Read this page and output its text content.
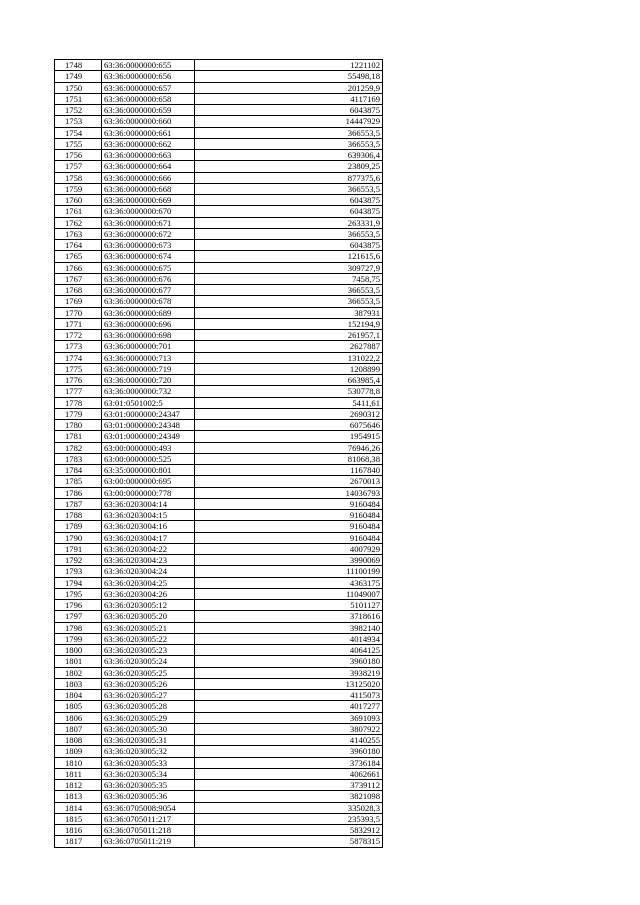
1748	63:36:0000000:655	1221102
1749	63:36:0000000:656	55498,18
1750	63:36:0000000:657	201259,9
1751	63:36:0000000:658	4117169
1752	63:36:0000000:659	6043875
1753	63:36:0000000:660	14447929
1754	63:36:0000000:661	366553,5
1755	63:36:0000000:662	366553,5
1756	63:36:0000000:663	639306,4
1757	63:36:0000000:664	23809,25
1758	63:36:0000000:666	877375,6
1759	63:36:0000000:668	366553,5
1760	63:36:0000000:669	6043875
1761	63:36:0000000:670	6043875
1762	63:36:0000000:671	263331,9
1763	63:36:0000000:672	366553,5
1764	63:36:0000000:673	6043875
1765	63:36:0000000:674	121615,6
1766	63:36:0000000:675	309727,9
1767	63:36:0000000:676	7458,75
1768	63:36:0000000:677	366553,5
1769	63:36:0000000:678	366553,5
1770	63:36:0000000:689	387931
1771	63:36:0000000:696	152194,9
1772	63:36:0000000:698	261957,1
1773	63:36:0000000:701	2627887
1774	63:36:0000000:713	131022,2
1775	63:36:0000000:719	1208899
1776	63:36:0000000:720	663985,4
1777	63:36:0000000:732	530778,8
1778	63:01:0501002:5	5411,61
1779	63:01:0000000:24347	2690312
1780	63:01:0000000:24348	6075646
1781	63:01:0000000:24349	1954915
1782	63:00:0000000:493	76946,26
1783	63:00:0000000:525	81068,38
1784	63:35:0000000:801	1167840
1785	63:00:0000000:695	2670013
1786	63:00:0000000:778	14036793
1787	63:36:0203004:14	9160484
1788	63:36:0203004:15	9160484
1789	63:36:0203004:16	9160484
1790	63:36:0203004:17	9160484
1791	63:36:0203004:22	4007929
1792	63:36:0203004:23	3990069
1793	63:36:0203004:24	11100199
1794	63:36:0203004:25	4363175
1795	63:36:0203004:26	11049007
1796	63:36:0203005:12	5101127
1797	63:36:0203005:20	3718616
1798	63:36:0203005:21	3982140
1799	63:36:0203005:22	4014934
1800	63:36:0203005:23	4064125
1801	63:36:0203005:24	3960180
1802	63:36:0203005:25	3938219
1803	63:36:0203005:26	13125020
1804	63:36:0203005:27	4115073
1805	63:36:0203005:28	4017277
1806	63:36:0203005:29	3691093
1807	63:36:0203005:30	3807922
1808	63:36:0203005:31	4140255
1809	63:36:0203005:32	3960180
1810	63:36:0203005:33	3736184
1811	63:36:0203005:34	4062661
1812	63:36:0203005:35	3739112
1813	63:36:0203005:36	3821098
1814	63:36:0705008:9054	335028,3
1815	63:36:0705011:217	235393,5
1816	63:36:0705011:218	5832912
1817	63:36:0705011:219	5878315
